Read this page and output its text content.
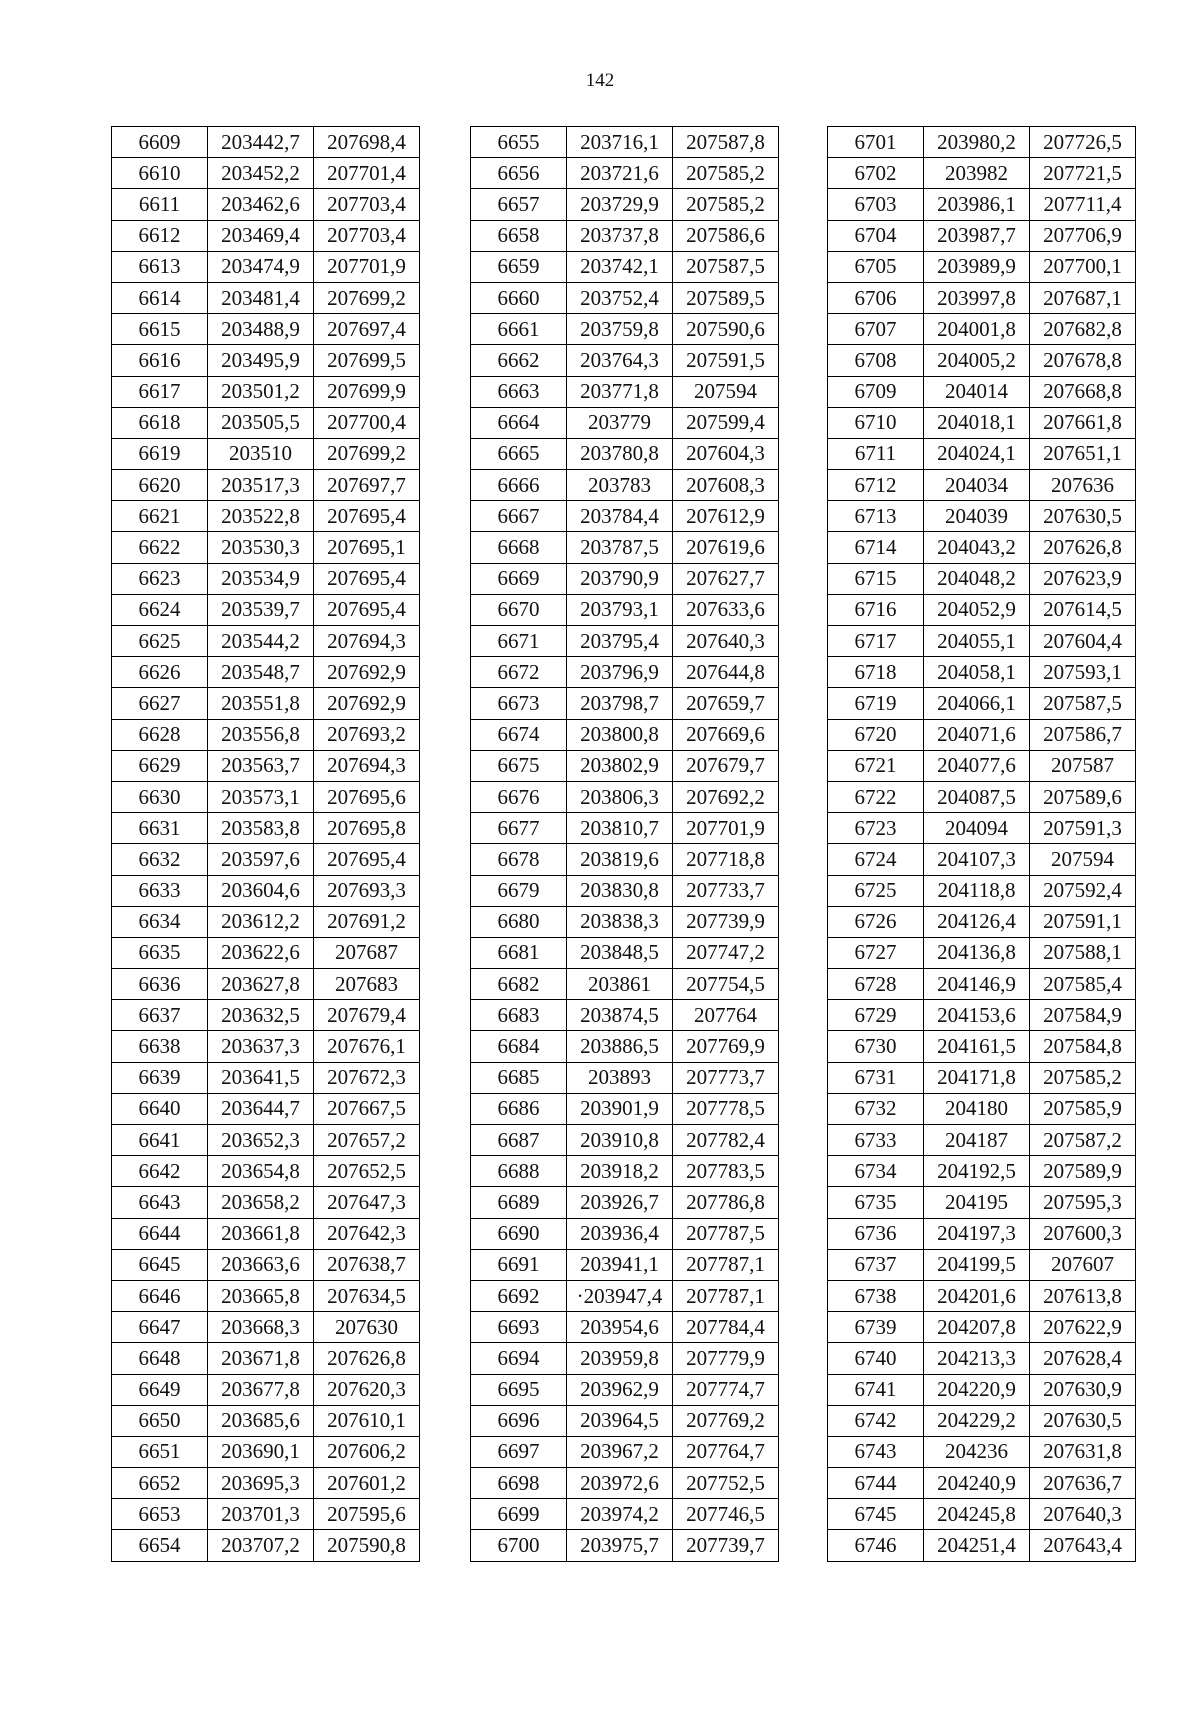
142
6609	203442,7	207698,4
6610	203452,2	207701,4
6611	203462,6	207703,4
6612	203469,4	207703,4
6613	203474,9	207701,9
6614	203481,4	207699,2
6615	203488,9	207697,4
6616	203495,9	207699,5
6617	203501,2	207699,9
6618	203505,5	207700,4
6619	203510	207699,2
6620	203517,3	207697,7
6621	203522,8	207695,4
6622	203530,3	207695,1
6623	203534,9	207695,4
6624	203539,7	207695,4
6625	203544,2	207694,3
6626	203548,7	207692,9
6627	203551,8	207692,9
6628	203556,8	207693,2
6629	203563,7	207694,3
6630	203573,1	207695,6
6631	203583,8	207695,8
6632	203597,6	207695,4
6633	203604,6	207693,3
6634	203612,2	207691,2
6635	203622,6	207687
6636	203627,8	207683
6637	203632,5	207679,4
6638	203637,3	207676,1
6639	203641,5	207672,3
6640	203644,7	207667,5
6641	203652,3	207657,2
6642	203654,8	207652,5
6643	203658,2	207647,3
6644	203661,8	207642,3
6645	203663,6	207638,7
6646	203665,8	207634,5
6647	203668,3	207630
6648	203671,8	207626,8
6649	203677,8	207620,3
6650	203685,6	207610,1
6651	203690,1	207606,2
6652	203695,3	207601,2
6653	203701,3	207595,6
6654	203707,2	207590,8
6655	203716,1	207587,8
6656	203721,6	207585,2
6657	203729,9	207585,2
6658	203737,8	207586,6
6659	203742,1	207587,5
6660	203752,4	207589,5
6661	203759,8	207590,6
6662	203764,3	207591,5
6663	203771,8	207594
6664	203779	207599,4
6665	203780,8	207604,3
6666	203783	207608,3
6667	203784,4	207612,9
6668	203787,5	207619,6
6669	203790,9	207627,7
6670	203793,1	207633,6
6671	203795,4	207640,3
6672	203796,9	207644,8
6673	203798,7	207659,7
6674	203800,8	207669,6
6675	203802,9	207679,7
6676	203806,3	207692,2
6677	203810,7	207701,9
6678	203819,6	207718,8
6679	203830,8	207733,7
6680	203838,3	207739,9
6681	203848,5	207747,2
6682	203861	207754,5
6683	203874,5	207764
6684	203886,5	207769,9
6685	203893	207773,7
6686	203901,9	207778,5
6687	203910,8	207782,4
6688	203918,2	207783,5
6689	203926,7	207786,8
6690	203936,4	207787,5
6691	203941,1	207787,1
6692	·203947,4	207787,1
6693	203954,6	207784,4
6694	203959,8	207779,9
6695	203962,9	207774,7
6696	203964,5	207769,2
6697	203967,2	207764,7
6698	203972,6	207752,5
6699	203974,2	207746,5
6700	203975,7	207739,7
6701	203980,2	207726,5
6702	203982	207721,5
6703	203986,1	207711,4
6704	203987,7	207706,9
6705	203989,9	207700,1
6706	203997,8	207687,1
6707	204001,8	207682,8
6708	204005,2	207678,8
6709	204014	207668,8
6710	204018,1	207661,8
6711	204024,1	207651,1
6712	204034	207636
6713	204039	207630,5
6714	204043,2	207626,8
6715	204048,2	207623,9
6716	204052,9	207614,5
6717	204055,1	207604,4
6718	204058,1	207593,1
6719	204066,1	207587,5
6720	204071,6	207586,7
6721	204077,6	207587
6722	204087,5	207589,6
6723	204094	207591,3
6724	204107,3	207594
6725	204118,8	207592,4
6726	204126,4	207591,1
6727	204136,8	207588,1
6728	204146,9	207585,4
6729	204153,6	207584,9
6730	204161,5	207584,8
6731	204171,8	207585,2
6732	204180	207585,9
6733	204187	207587,2
6734	204192,5	207589,9
6735	204195	207595,3
6736	204197,3	207600,3
6737	204199,5	207607
6738	204201,6	207613,8
6739	204207,8	207622,9
6740	204213,3	207628,4
6741	204220,9	207630,9
6742	204229,2	207630,5
6743	204236	207631,8
6744	204240,9	207636,7
6745	204245,8	207640,3
6746	204251,4	207643,4
